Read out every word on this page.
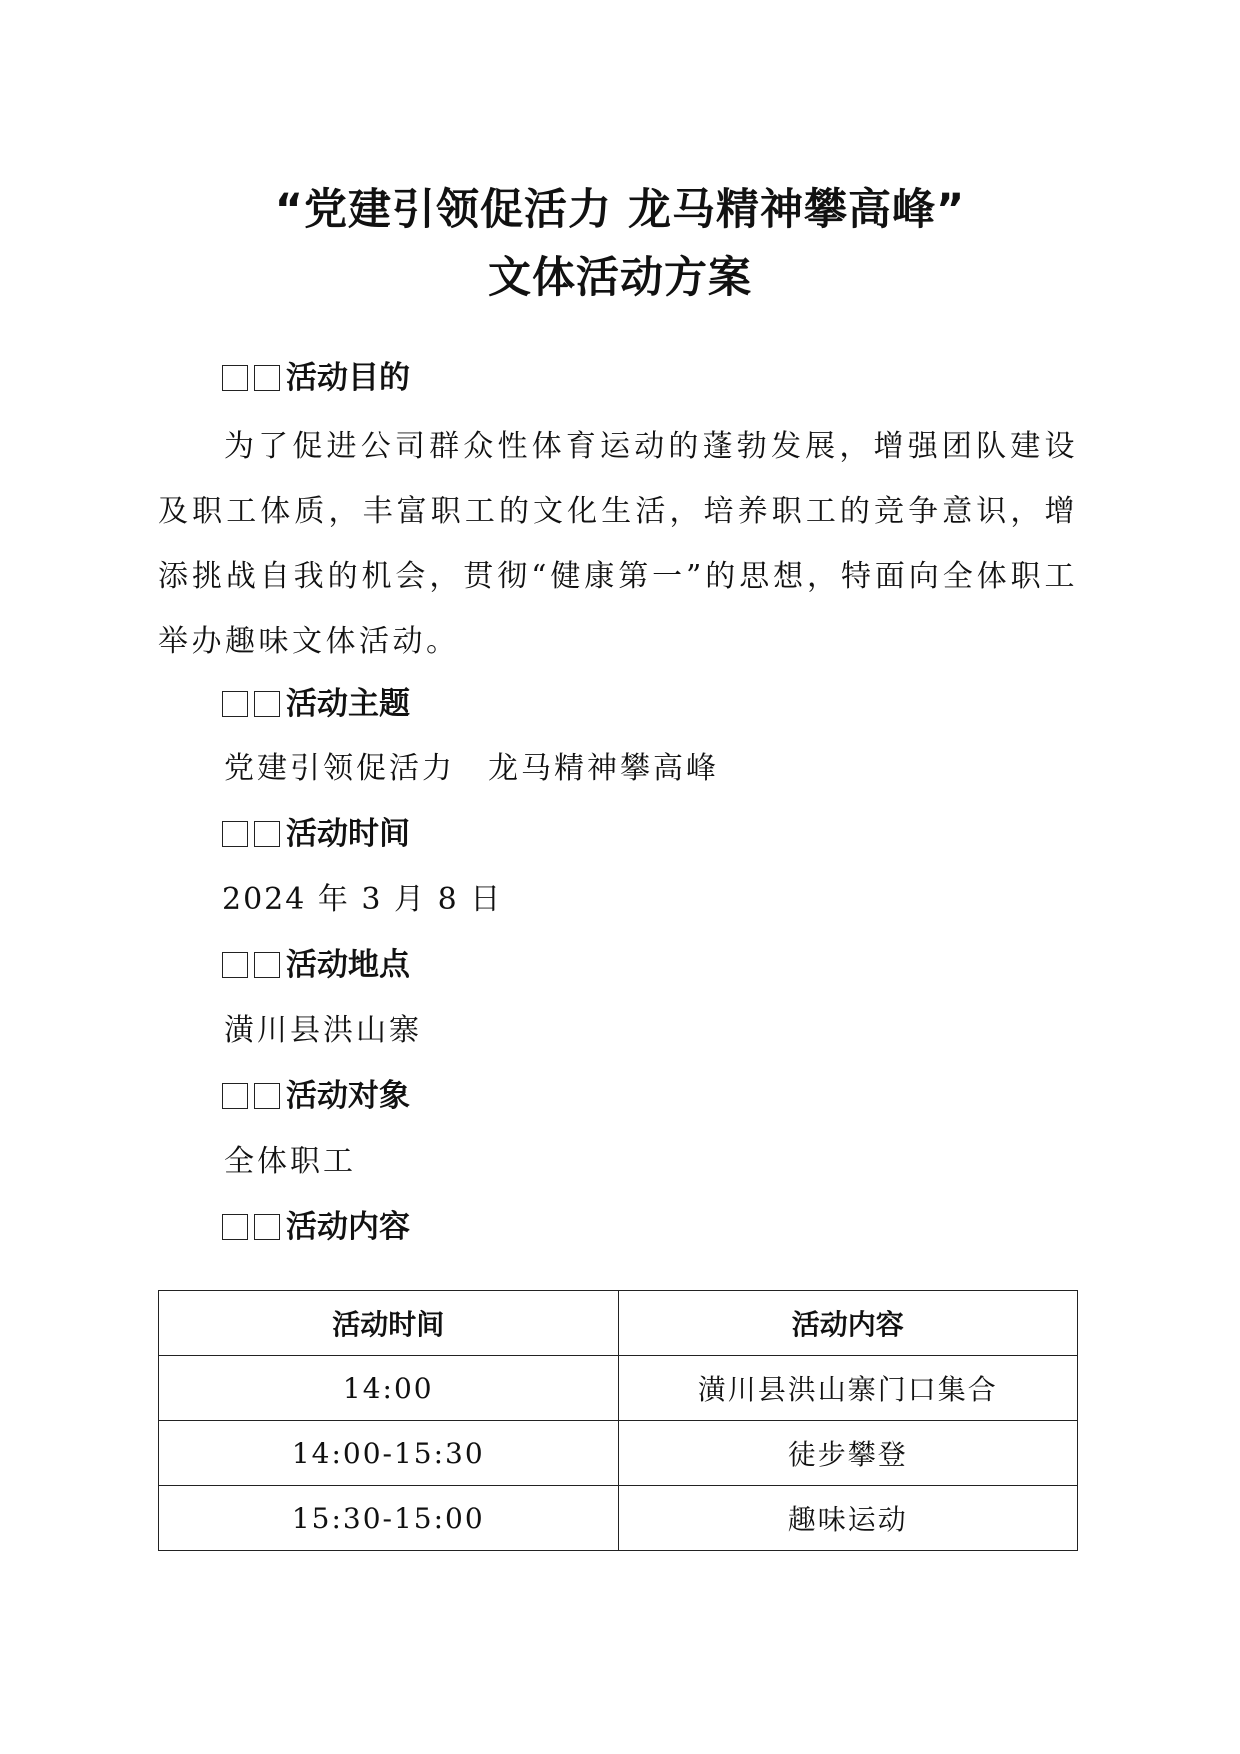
“党建引领促活力 龙马精神攀高峰”
文体活动方案
活动目的
为了促进公司群众性体育运动的蓬勃发展，增强团队建设及职工体质，丰富职工的文化生活，培养职工的竞争意识，增添挑战自我的机会，贯彻“健康第一”的思想，特面向全体职工举办趣味文体活动。
活动主题
党建引领促活力　龙马精神攀高峰
活动时间
2024 年 3 月 8 日
活动地点
潢川县洪山寨
活动对象
全体职工
活动内容
活动时间	活动内容
14:00	潢川县洪山寨门口集合
14:00-15:30	徒步攀登
15:30-15:00	趣味运动
